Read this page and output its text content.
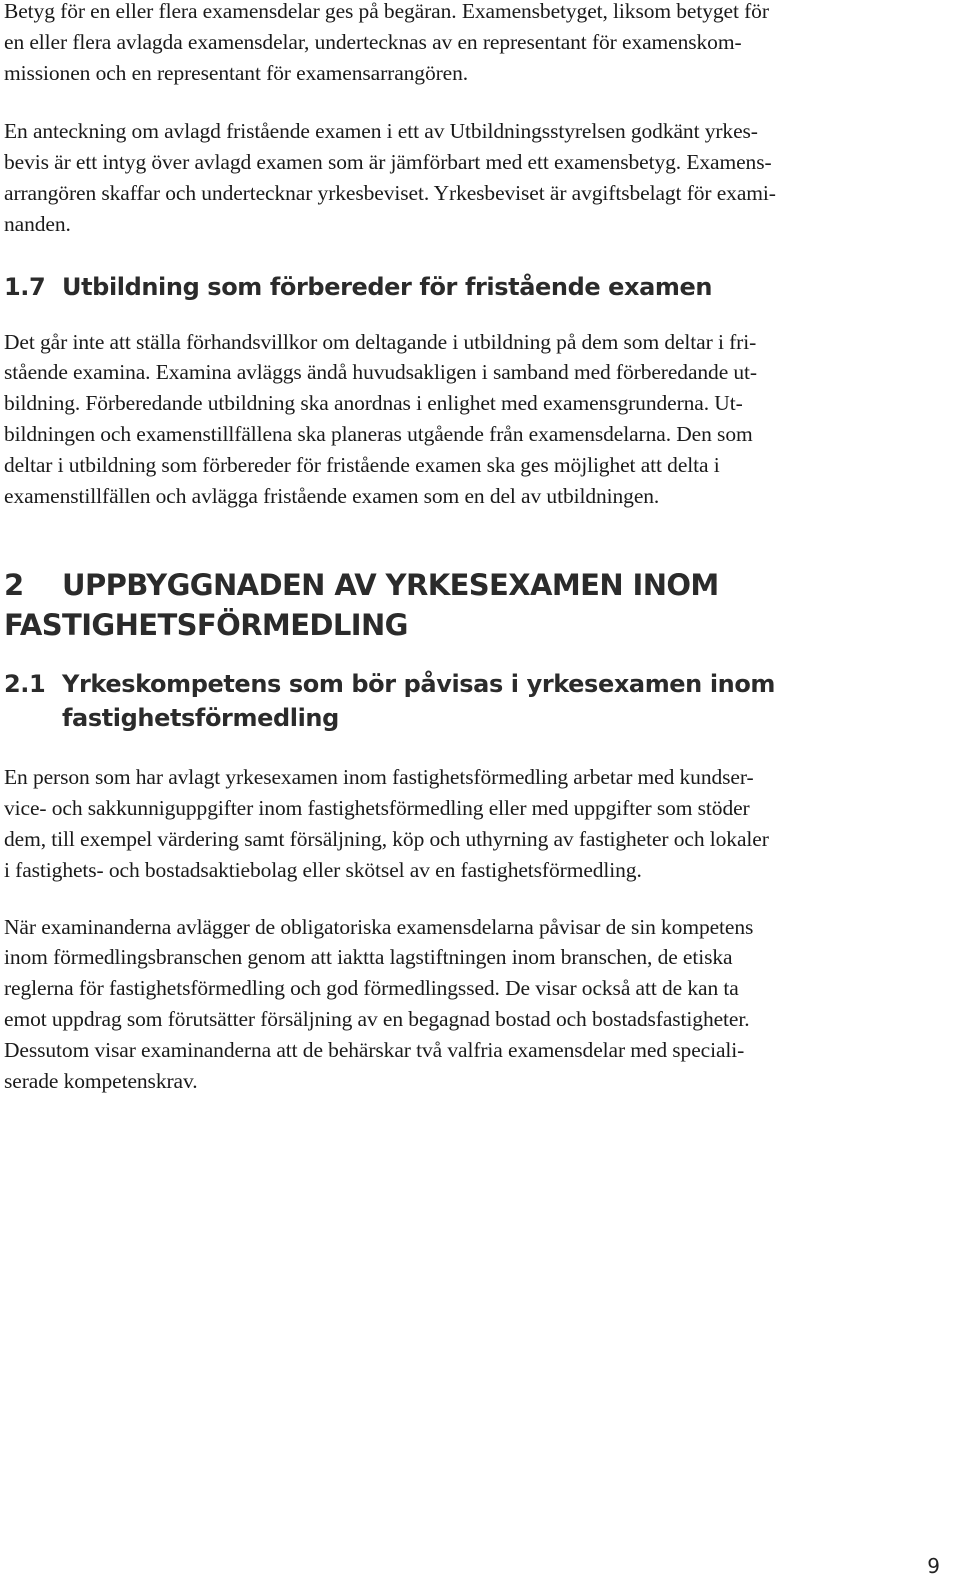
Betyg för en eller flera examensdelar ges på begäran. Examensbetyget, liksom betyget för
en eller flera avlagda examensdelar, undertecknas av en representant för examenskom-
missionen och en representant för examensarrangören.

En anteckning om avlagd fristående examen i ett av Utbildningsstyrelsen godkänt yrkes-
bevis är ett intyg över avlagd examen som är jämförbart med ett examensbetyg. Examens-
arrangören skaffar och undertecknar yrkesbeviset. Yrkesbeviset är avgiftsbelagt för exami-
nanden.

1.7 Utbildning som förbereder för fristående examen

Det går inte att ställa förhandsvillkor om deltagande i utbildning på dem som deltar i fri-
stående examina. Examina avläggs ändå huvudsakligen i samband med förberedande ut-
bildning. Förberedande utbildning ska anordnas i enlighet med examensgrunderna. Ut-
bildningen och examenstillfällena ska planeras utgående från examensdelarna. Den som
deltar i utbildning som förbereder för fristående examen ska ges möjlighet att delta i
examenstillfällen och avlägga fristående examen som en del av utbildningen.

2 UPPBYGGNADEN AV YRKESEXAMEN INOM
FASTIGHETSFÖRMEDLING
2.1 Yrkeskompetens som bör påvisas i yrkesexamen inom
fastighetsförmedling

En person som har avlagt yrkesexamen inom fastighetsförmedling arbetar med kundser-
vice- och sakkunniguppgifter inom fastighetsförmedling eller med uppgifter som stöder
dem, till exempel värdering samt försäljning, köp och uthyrning av fastigheter och lokaler
i fastighets- och bostadsaktiebolag eller skötsel av en fastighetsförmedling.

När examinanderna avlägger de obligatoriska examensdelarna påvisar de sin kompetens
inom förmedlingsbranschen genom att iaktta lagstiftningen inom branschen, de etiska
reglerna för fastighetsförmedling och god förmedlingssed. De visar också att de kan ta
emot uppdrag som förutsätter försäljning av en begagnad bostad och bostadsfastigheter.
Dessutom visar examinanderna att de behärskar två valfria examensdelar med speciali-
serade kompetenskrav.

9
